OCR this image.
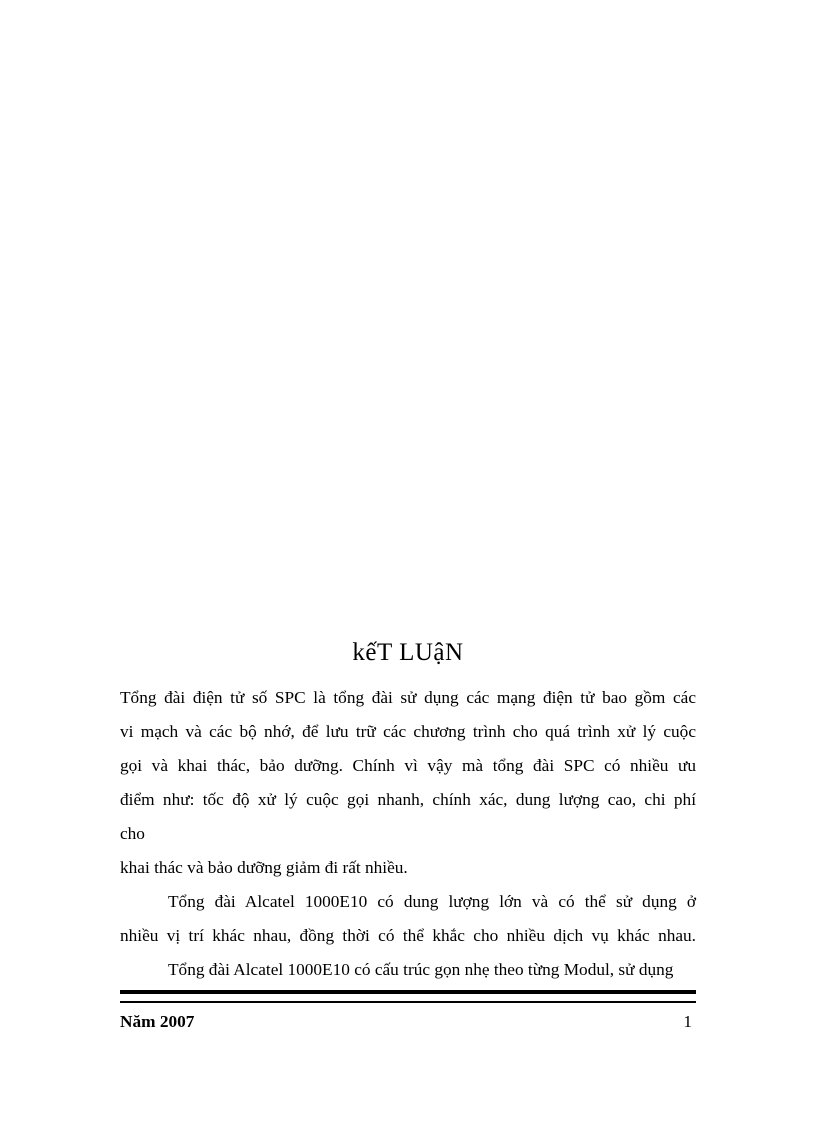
kếT LUậN

Tổng đài điện tử số SPC là tổng đài sử dụng các mạng điện tử bao gồm các
vi mạch và các bộ nhớ, để lưu trữ các chương trình cho quá trình xử lý cuộc
gọi và khai thác, bảo dưỡng. Chính vì vậy mà tổng đài SPC có nhiều ưu
điểm như: tốc độ xử lý cuộc gọi nhanh, chính xác, dung lượng cao, chi phí

cho

khai thác và bảo dưỡng giảm đi rất nhiều.

Tổng đài Alcatel 1000E10 có dung lượng lớn và có thể sử dụng ở
nhiều vị trí khác nhau, đồng thời có thể khắc cho nhiều dịch vụ khác nhau.

Tổng đài Alcatel 1000E10 có cấu trúc gọn nhẹ theo từng Modul, sử dụng

Năm 2007	1
